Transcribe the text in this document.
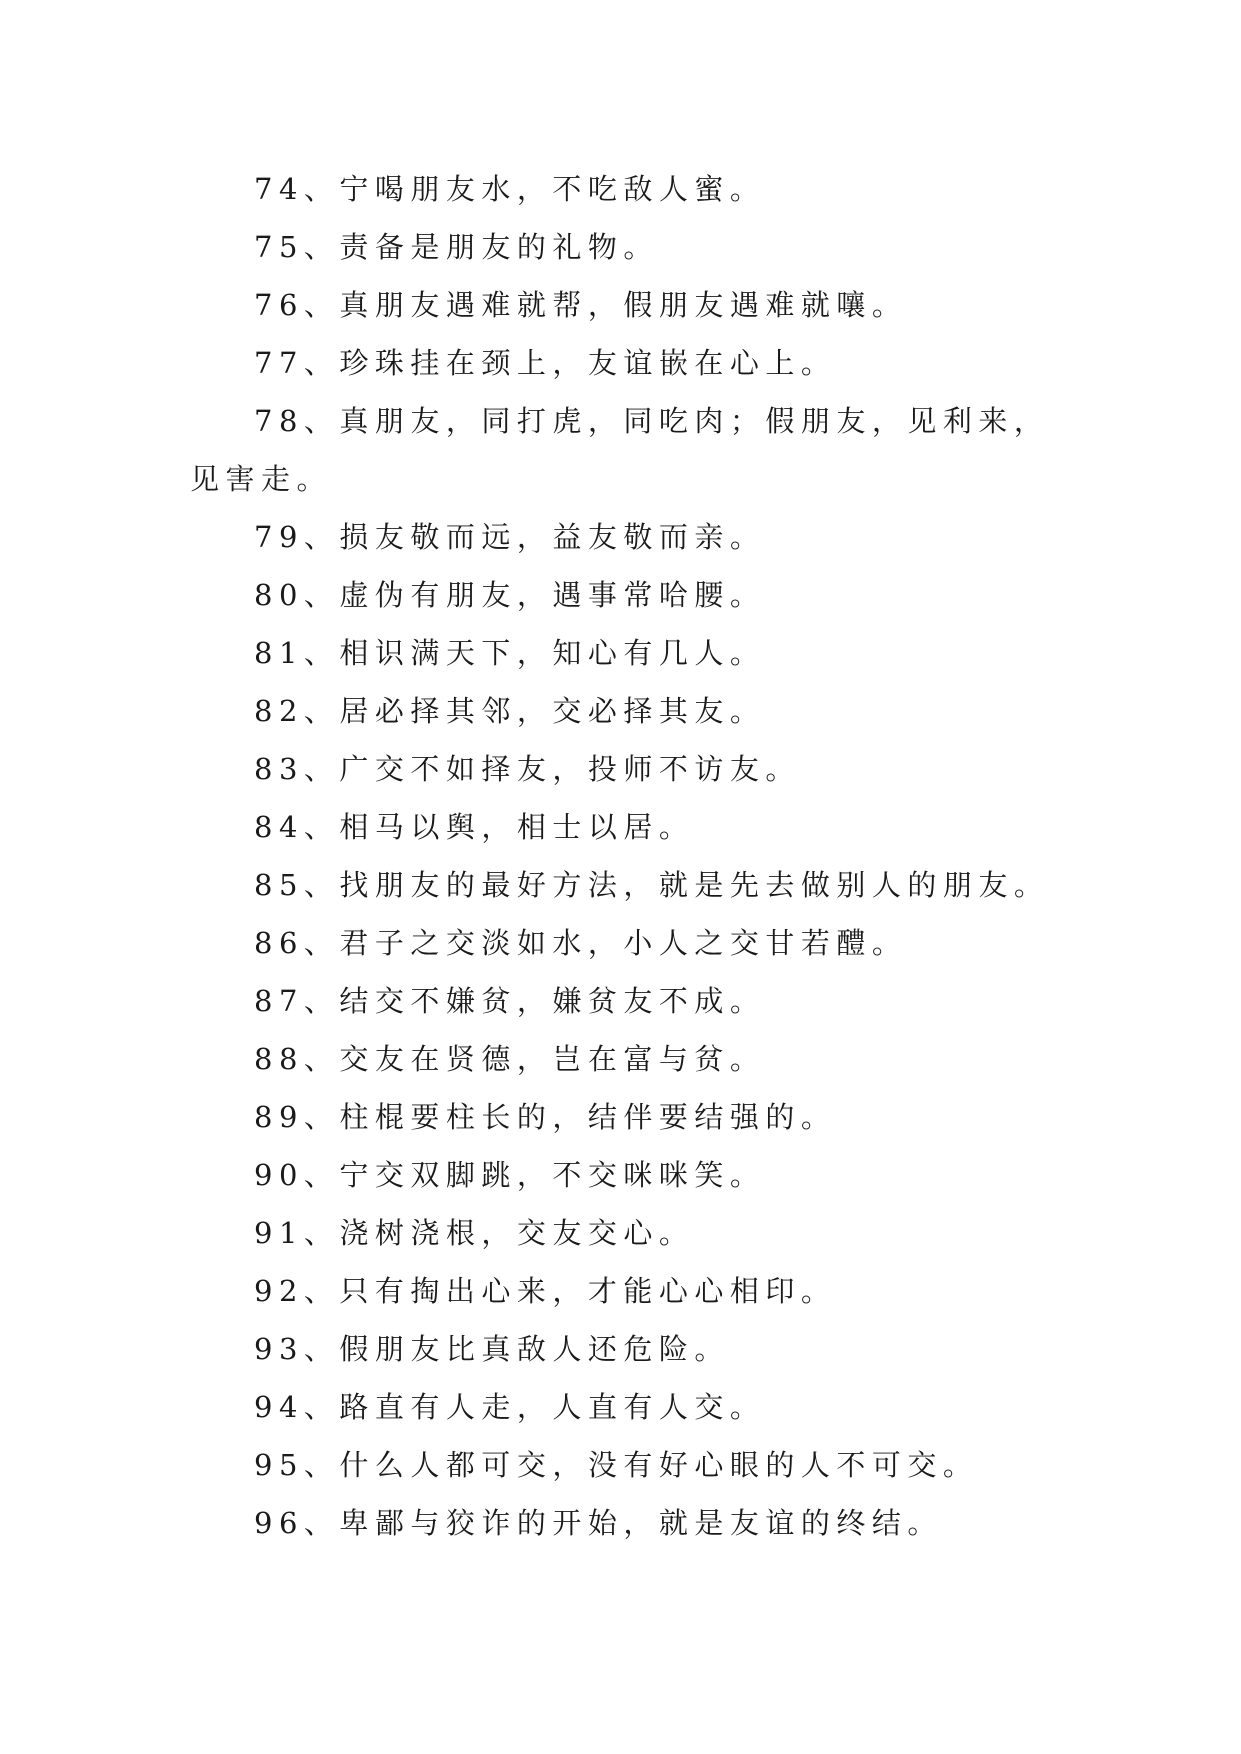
74、宁喝朋友水，不吃敌人蜜。

75、责备是朋友的礼物。

76、真朋友遇难就帮，假朋友遇难就嚷。

77、珍珠挂在颈上，友谊嵌在心上。

78、真朋友，同打虎，同吃肉；假朋友，见利来，见害走。

79、损友敬而远，益友敬而亲。

80、虚伪有朋友，遇事常哈腰。

81、相识满天下，知心有几人。

82、居必择其邻，交必择其友。

83、广交不如择友，投师不访友。

84、相马以舆，相士以居。

85、找朋友的最好方法，就是先去做别人的朋友。

86、君子之交淡如水，小人之交甘若醴。

87、结交不嫌贫，嫌贫友不成。

88、交友在贤德，岂在富与贫。

89、柱棍要柱长的，结伴要结强的。

90、宁交双脚跳，不交咪咪笑。

91、浇树浇根，交友交心。

92、只有掏出心来，才能心心相印。

93、假朋友比真敌人还危险。

94、路直有人走，人直有人交。

95、什么人都可交，没有好心眼的人不可交。

96、卑鄙与狡诈的开始，就是友谊的终结。
